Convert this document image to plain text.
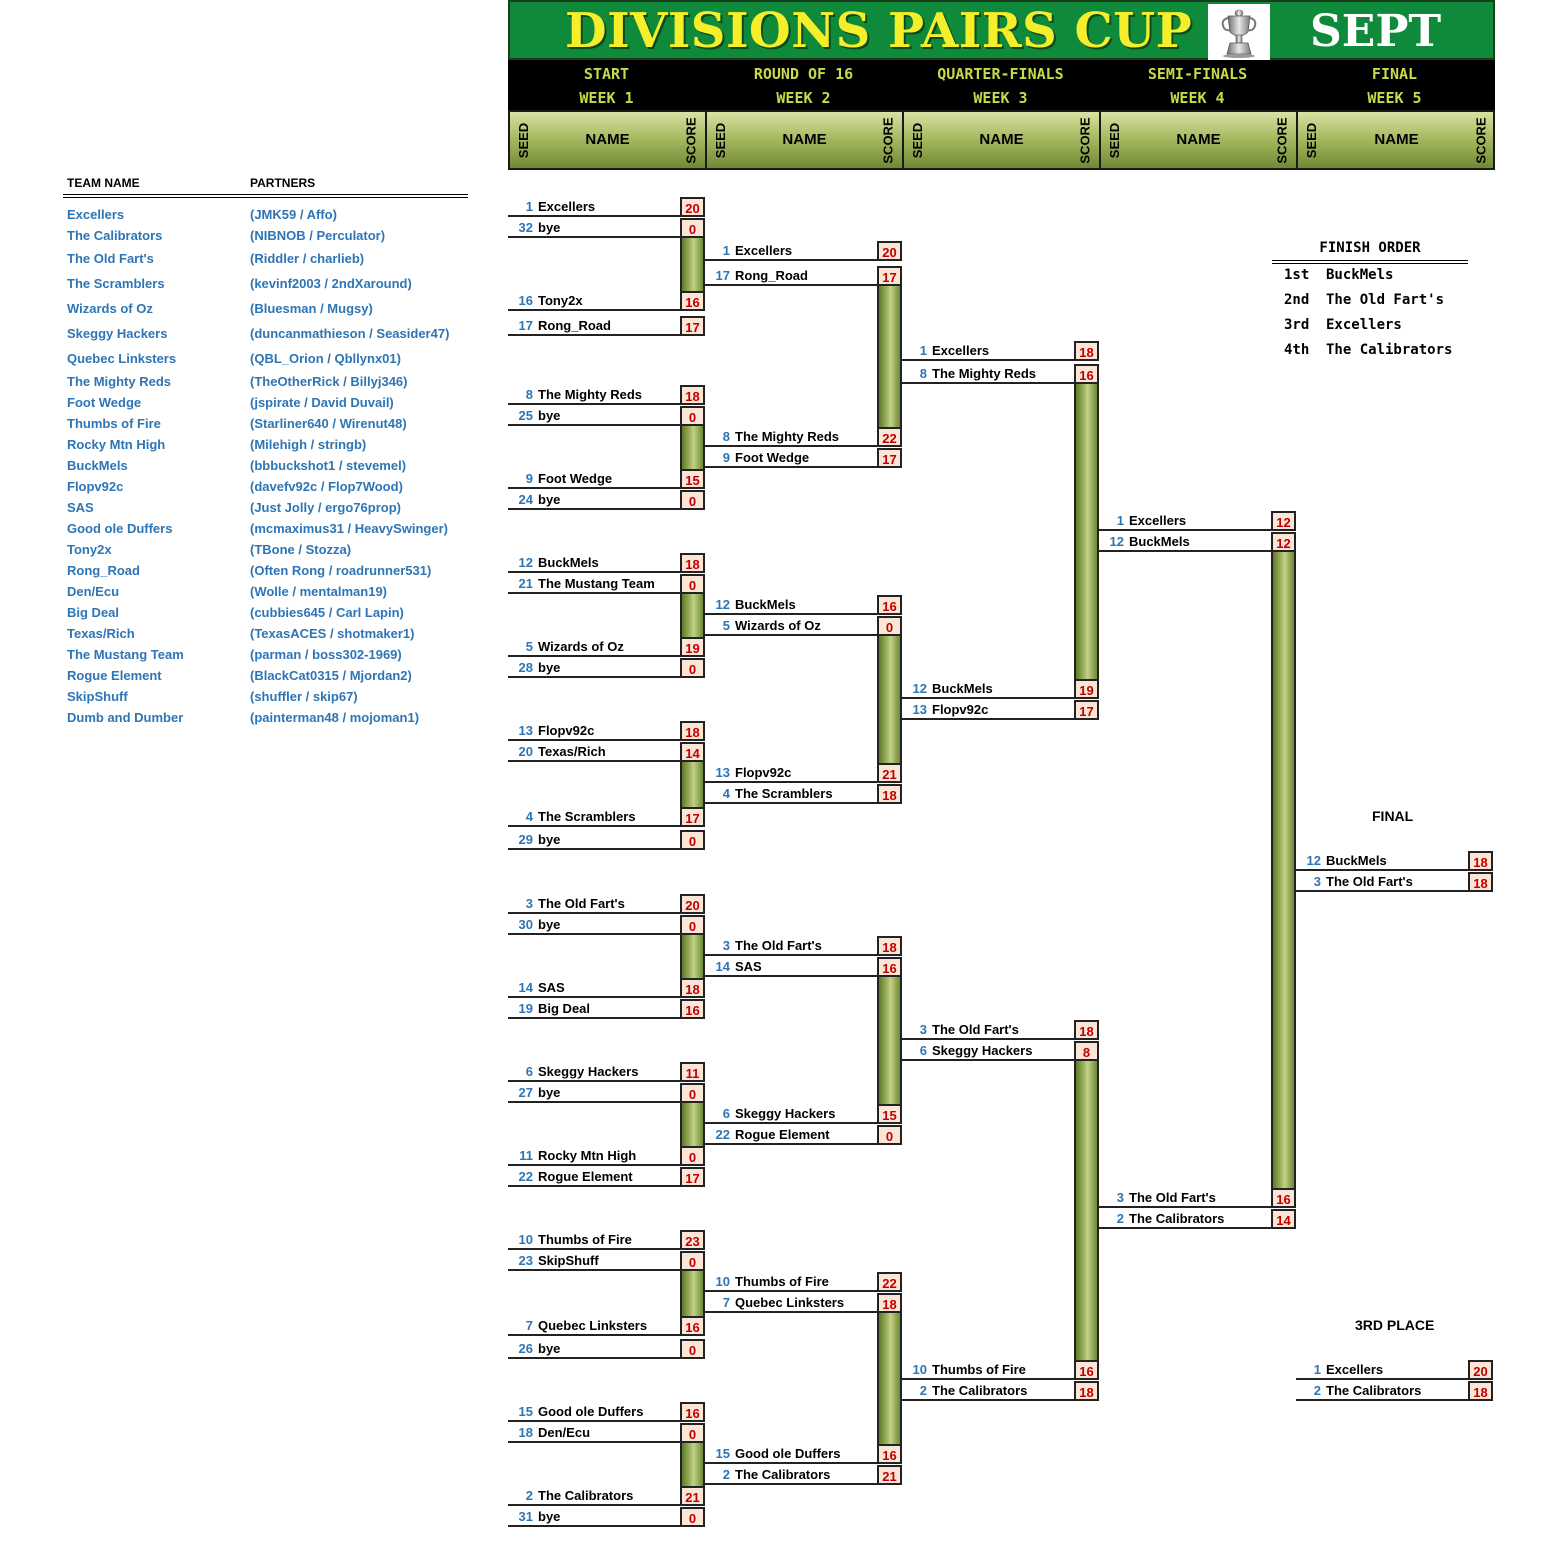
DIVISIONS PAIRS CUP	SEPT
START
WEEK 1
ROUND OF 16
WEEK 2
QUARTER-FINALS
WEEK 3
SEMI-FINALS
WEEK 4
FINAL
WEEK 5
SEED	NAME	SCORE SEED	NAME	SCORE SEED	NAME	SCORE SEED	NAME	SCORE SEED	NAME	SCORE
TEAM NAME	PARTNERS
Excellers	(JMK59 / Affo)
The Calibrators	(NIBNOB / Perculator)
The Old Fart's	(Riddler / charlieb)
The Scramblers	(kevinf2003 / 2ndXaround)
Wizards of Oz	(Bluesman / Mugsy)
Skeggy Hackers	(duncanmathieson / Seasider47)
Quebec Linksters	(QBL_Orion / Qbllynx01)
The Mighty Reds	(TheOtherRick / Billyj346)
Foot Wedge	(jspirate / David Duvail)
Thumbs of Fire	(Starliner640 / Wirenut48)
Rocky Mtn High	(Milehigh / stringb)
BuckMels	(bbbuckshot1 / stevemel)
Flopv92c	(davefv92c / Flop7Wood)
SAS	(Just Jolly / ergo76prop)
Good ole Duffers	(mcmaximus31 / HeavySwinger)
Tony2x	(TBone / Stozza)
Rong_Road	(Often Rong / roadrunner531)
Den/Ecu	(Wolle / mentalman19)
Big Deal	(cubbies645 / Carl Lapin)
Texas/Rich	(TexasACES / shotmaker1)
The Mustang Team	(parman / boss302-1969)
Rogue Element	(BlackCat0315 / Mjordan2)
SkipShuff	(shuffler / skip67)
Dumb and Dumber	(painterman48 / mojoman1)
1 Excellers	20
32 bye	0
16 Tony2x	16
17 Rong_Road	17
8 The Mighty Reds	18
25 bye	0
9 Foot Wedge	15
24 bye	0
12 BuckMels	18
21 The Mustang Team	0
5 Wizards of Oz	19
28 bye	0
13 Flopv92c	18
20 Texas/Rich	14
4 The Scramblers	17
29 bye	0
3 The Old Fart's	20
30 bye	0
14 SAS	18
19 Big Deal	16
6 Skeggy Hackers	11
27 bye	0
11 Rocky Mtn High	0
22 Rogue Element	17
10 Thumbs of Fire	23
23 SkipShuff	0
7 Quebec Linksters	16
26 bye	0
15 Good ole Duffers	16
18 Den/Ecu	0
2 The Calibrators	21
31 bye	0
1 Excellers	20
17 Rong_Road	17
8 The Mighty Reds	22
9 Foot Wedge	17
12 BuckMels	16
5 Wizards of Oz	0
13 Flopv92c	21
4 The Scramblers	18
3 The Old Fart's	18
14 SAS	16
6 Skeggy Hackers	15
22 Rogue Element	0
10 Thumbs of Fire	22
7 Quebec Linksters	18
15 Good ole Duffers	16
2 The Calibrators	21
1 Excellers	18
8 The Mighty Reds	16
12 BuckMels	19
13 Flopv92c	17
3 The Old Fart's	18
6 Skeggy Hackers	8
10 Thumbs of Fire	16
2 The Calibrators	18
1 Excellers	12
12 BuckMels	12
3 The Old Fart's	16
2 The Calibrators	14
12 BuckMels	18
3 The Old Fart's	18
1 Excellers	20
2 The Calibrators	18
FINAL
3RD PLACE
FINISH ORDER
1st BuckMels
2nd The Old Fart's
3rd Excellers
4th The Calibrators
